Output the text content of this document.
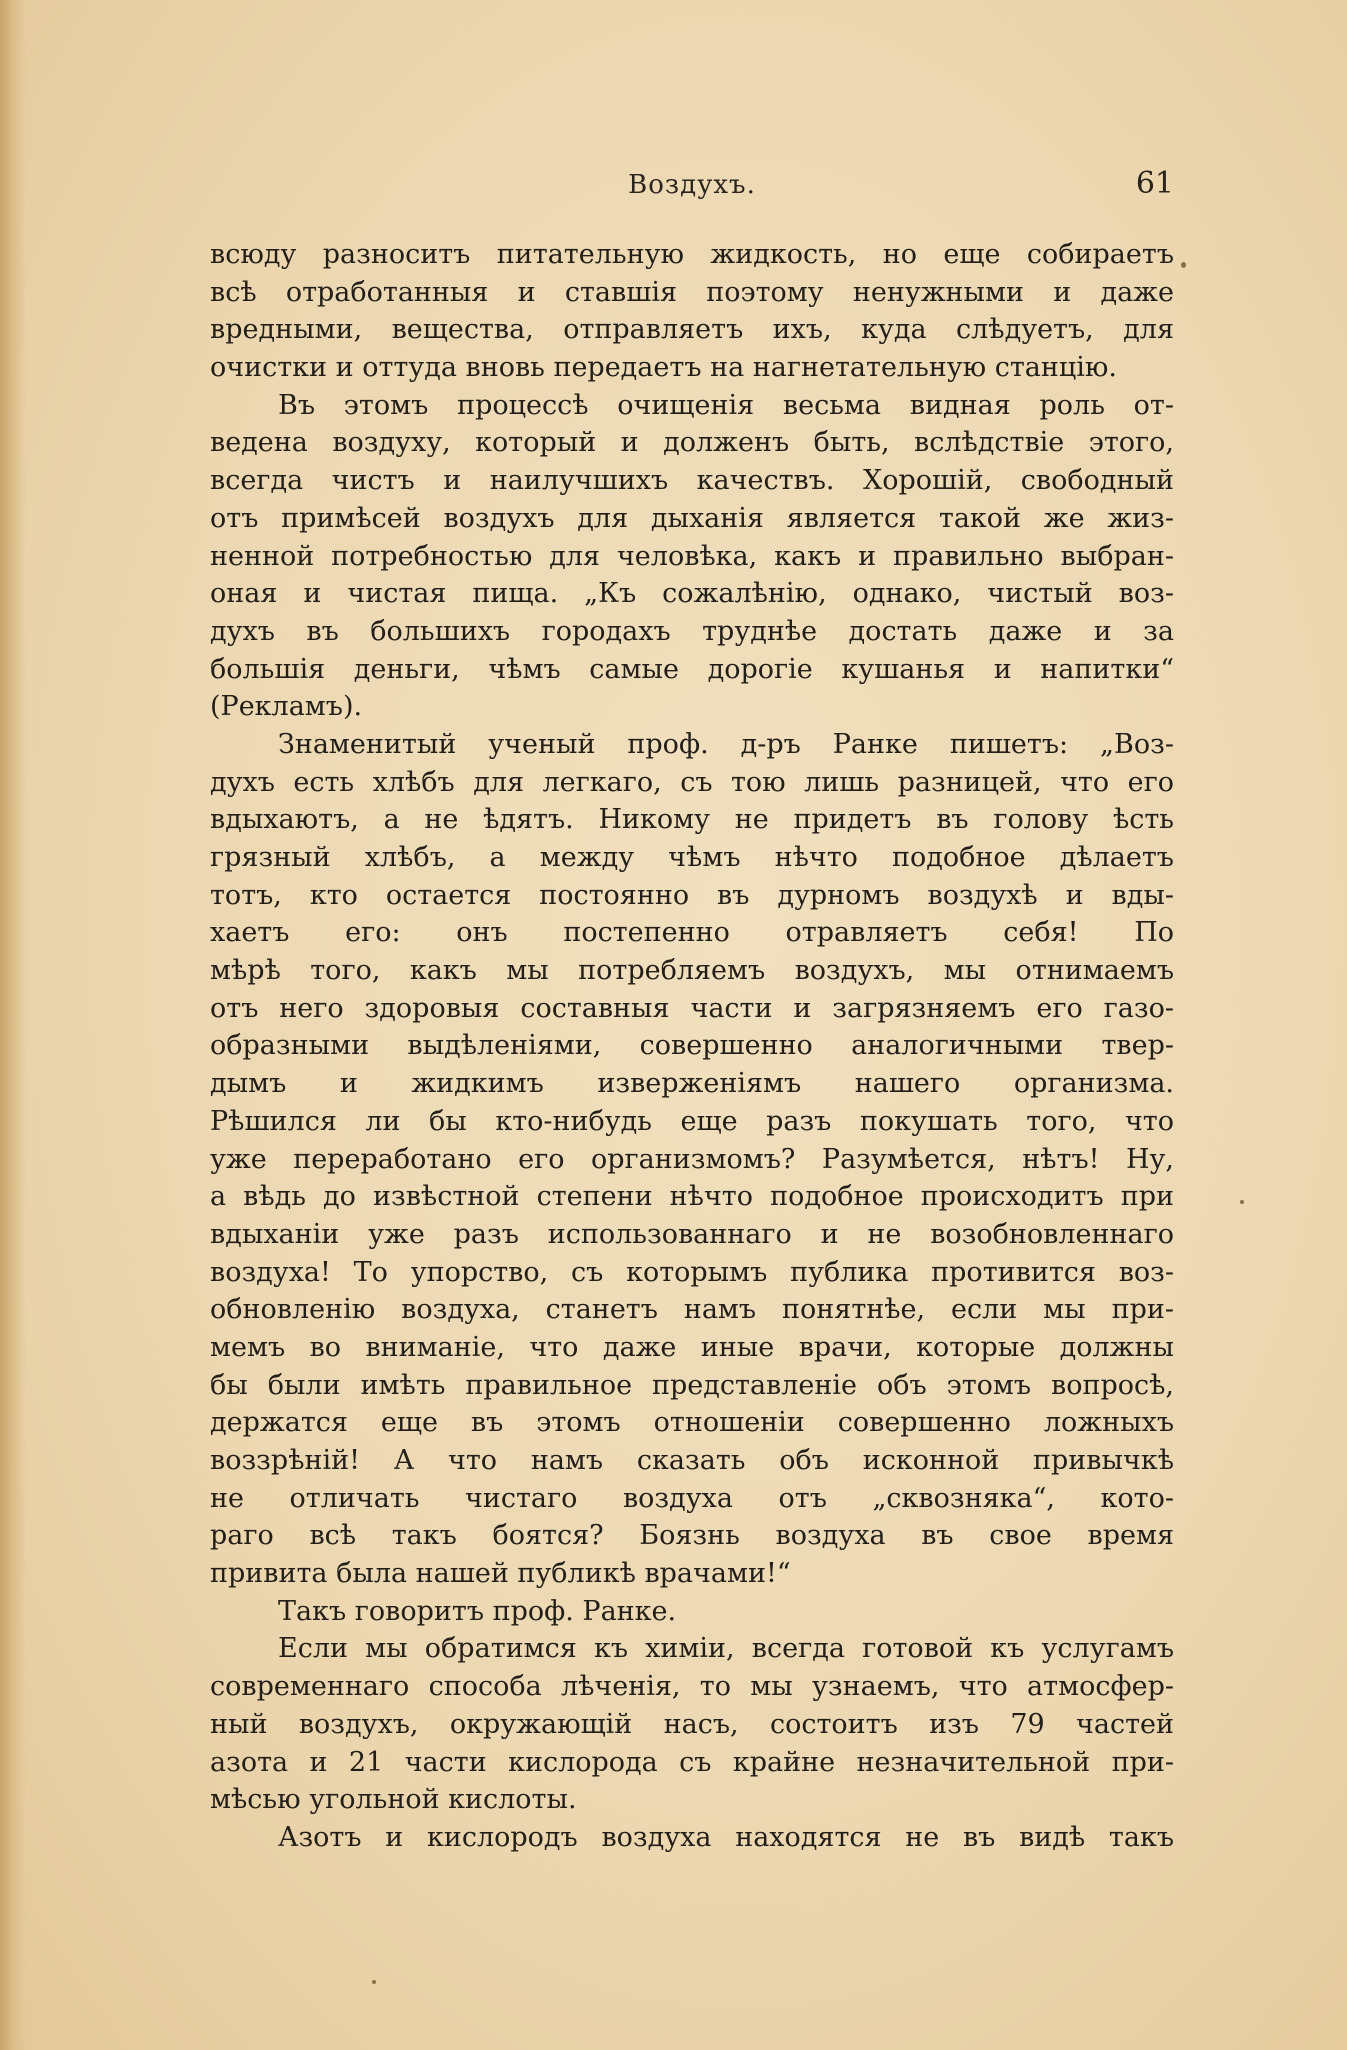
Воздухъ.	61
всюду разноситъ питательную жидкость, но еще собираетъ
всѣ отработанныя и ставшія поэтому ненужными и даже
вредными, вещества, отправляетъ ихъ, куда слѣдуетъ, для
очистки и оттуда вновь передаетъ на нагнетательную станцію.
Въ этомъ процессѣ очищенія весьма видная роль от-
ведена воздуху, который и долженъ быть, вслѣдствіе этого,
всегда чистъ и наилучшихъ качествъ. Хорошій, свободный
отъ примѣсей воздухъ для дыханія является такой же жиз-
ненной потребностью для человѣка, какъ и правильно выбран-
оная и чистая пища. „Къ сожалѣнію, однако, чистый воз-
духъ въ большихъ городахъ труднѣе достать даже и за
большія деньги, чѣмъ самые дорогіе кушанья и напитки“
(Рекламъ).
Знаменитый ученый проф. д-ръ Ранке пишетъ: „Воз-
духъ есть хлѣбъ для легкаго, съ тою лишь разницей, что его
вдыхаютъ, а не ѣдятъ. Никому не придетъ въ голову ѣсть
грязный хлѣбъ, а между чѣмъ нѣчто подобное дѣлаетъ
тотъ, кто остается постоянно въ дурномъ воздухѣ и вды-
хаетъ его: онъ постепенно отравляетъ себя! По
мѣрѣ того, какъ мы потребляемъ воздухъ, мы отнимаемъ
отъ него здоровыя составныя части и загрязняемъ его газо-
образными выдѣленіями, совершенно аналогичными твер-
дымъ и жидкимъ изверженіямъ нашего организма.
Рѣшился ли бы кто-нибудь еще разъ покушать того, что
уже переработано его организмомъ? Разумѣется, нѣтъ! Ну,
а вѣдь до извѣстной степени нѣчто подобное происходитъ при
вдыханіи уже разъ использованнаго и не возобновленнаго
воздуха! То упорство, съ которымъ публика противится воз-
обновленію воздуха, станетъ намъ понятнѣе, если мы при-
мемъ во вниманіе, что даже иные врачи, которые должны
бы были имѣть правильное представленіе объ этомъ вопросѣ,
держатся еще въ этомъ отношеніи совершенно ложныхъ
воззрѣній! А что намъ сказать объ исконной привычкѣ
не отличать чистаго воздуха отъ „сквозняка“, кото-
раго всѣ такъ боятся? Боязнь воздуха въ свое время
привита была нашей публикѣ врачами!“
Такъ говоритъ проф. Ранке.
Если мы обратимся къ химіи, всегда готовой къ услугамъ
современнаго способа лѣченія, то мы узнаемъ, что атмосфер-
ный воздухъ, окружающій насъ, состоитъ изъ 79 частей
азота и 21 части кислорода съ крайне незначительной при-
мѣсью угольной кислоты.
Азотъ и кислородъ воздуха находятся не въ видѣ такъ
